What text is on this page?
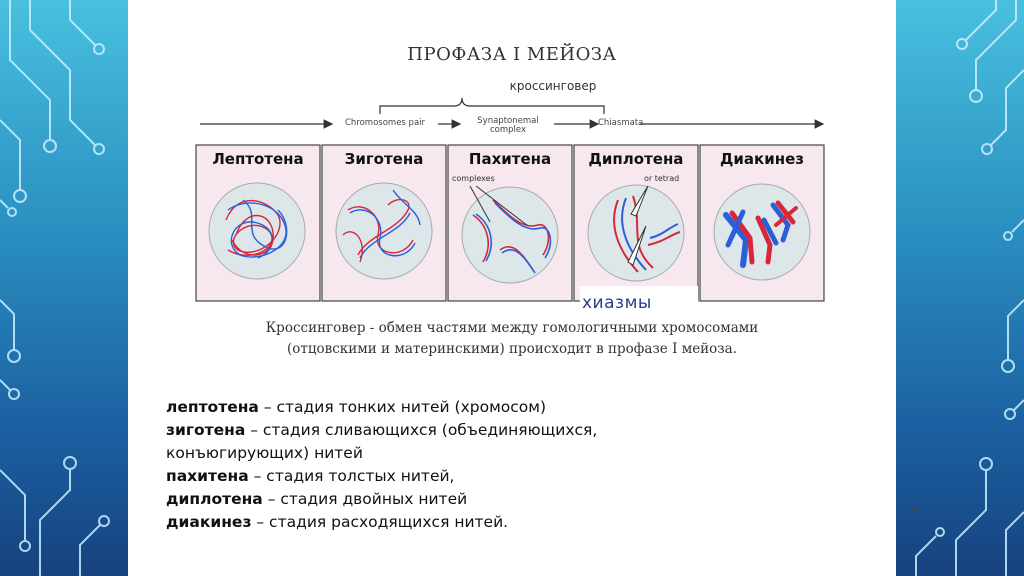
ПРОФАЗА I МЕЙОЗА
кроссинговер
Chromosomes pair	Synaptonemal complex
Chiasmata
Лептотена	Зиготена	Пахитена	Диплотена	Диакинез
complexes	or tetrad
хиазмы
Кроссинговер - обмен частями между гомологичными хромосомами
(отцовскими и материнскими) происходит в профазе I мейоза.
лептотена – стадия тонких нитей (хромосом)
зиготена – стадия сливающихся (объединяющихся,
конъюгирующих) нитей
пахитена – стадия толстых нитей,
диплотена – стадия двойных нитей
диакинез – стадия расходящихся нитей.
34
